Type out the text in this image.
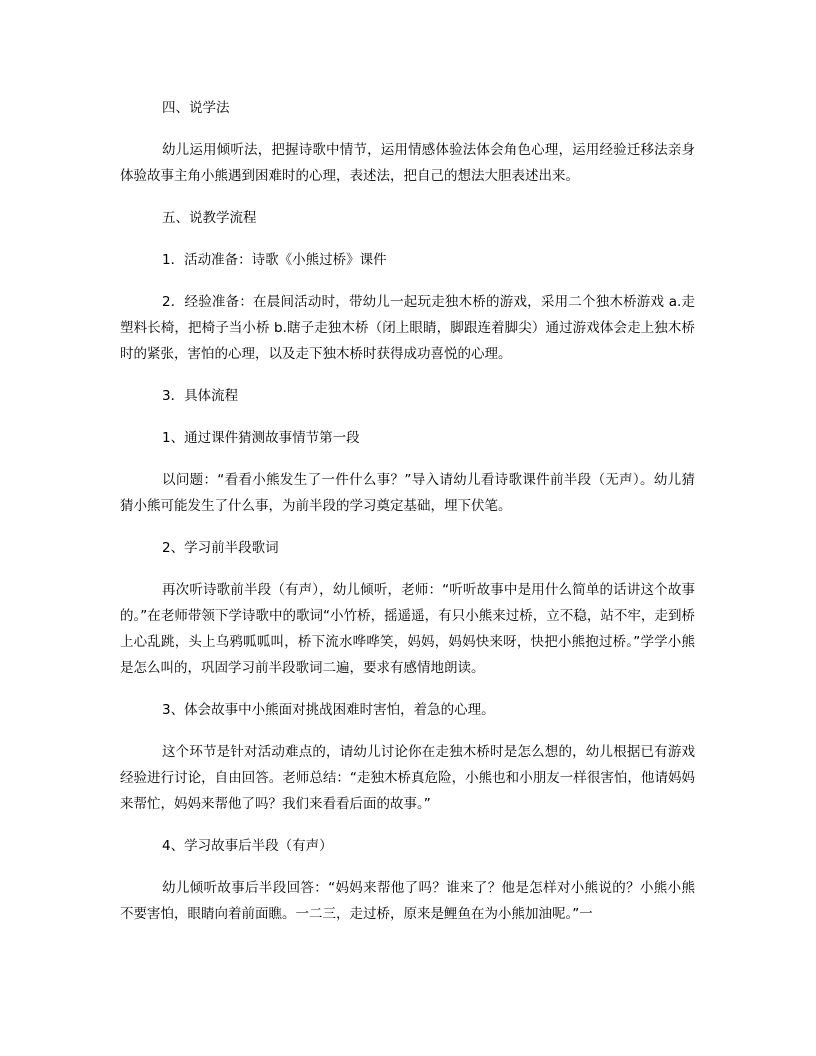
四、说学法

幼儿运用倾听法，把握诗歌中情节，运用情感体验法体会角色心理，运用经验迁移法亲身体验故事主角小熊遇到困难时的心理，表述法，把自己的想法大胆表述出来。

五、说教学流程

1．活动准备：诗歌《小熊过桥》课件

2．经验准备：在晨间活动时，带幼儿一起玩走独木桥的游戏，采用二个独木桥游戏 a.走塑料长椅，把椅子当小桥 b.瞎子走独木桥（闭上眼睛，脚跟连着脚尖）通过游戏体会走上独木桥时的紧张，害怕的心理，以及走下独木桥时获得成功喜悦的心理。

3．具体流程

1、通过课件猜测故事情节第一段

以问题：“看看小熊发生了一件什么事？”导入请幼儿看诗歌课件前半段（无声）。幼儿猜猜小熊可能发生了什么事，为前半段的学习奠定基础，埋下伏笔。

2、学习前半段歌词

再次听诗歌前半段（有声），幼儿倾听，老师：“听听故事中是用什么简单的话讲这个故事的。”在老师带领下学诗歌中的歌词“小竹桥，摇遥遥，有只小熊来过桥，立不稳，站不牢，走到桥上心乱跳，头上乌鸦呱呱叫，桥下流水哗哗笑，妈妈，妈妈快来呀，快把小熊抱过桥。”学学小熊是怎么叫的，巩固学习前半段歌词二遍，要求有感情地朗读。

3、体会故事中小熊面对挑战困难时害怕，着急的心理。

这个环节是针对活动难点的，请幼儿讨论你在走独木桥时是怎么想的，幼儿根据已有游戏经验进行讨论，自由回答。老师总结：“走独木桥真危险，小熊也和小朋友一样很害怕，他请妈妈来帮忙，妈妈来帮他了吗？我们来看看后面的故事。”

4、学习故事后半段（有声）

幼儿倾听故事后半段回答：“妈妈来帮他了吗？谁来了？他是怎样对小熊说的？小熊小熊不要害怕，眼睛向着前面瞧。一二三，走过桥，原来是鲤鱼在为小熊加油呢。”一
